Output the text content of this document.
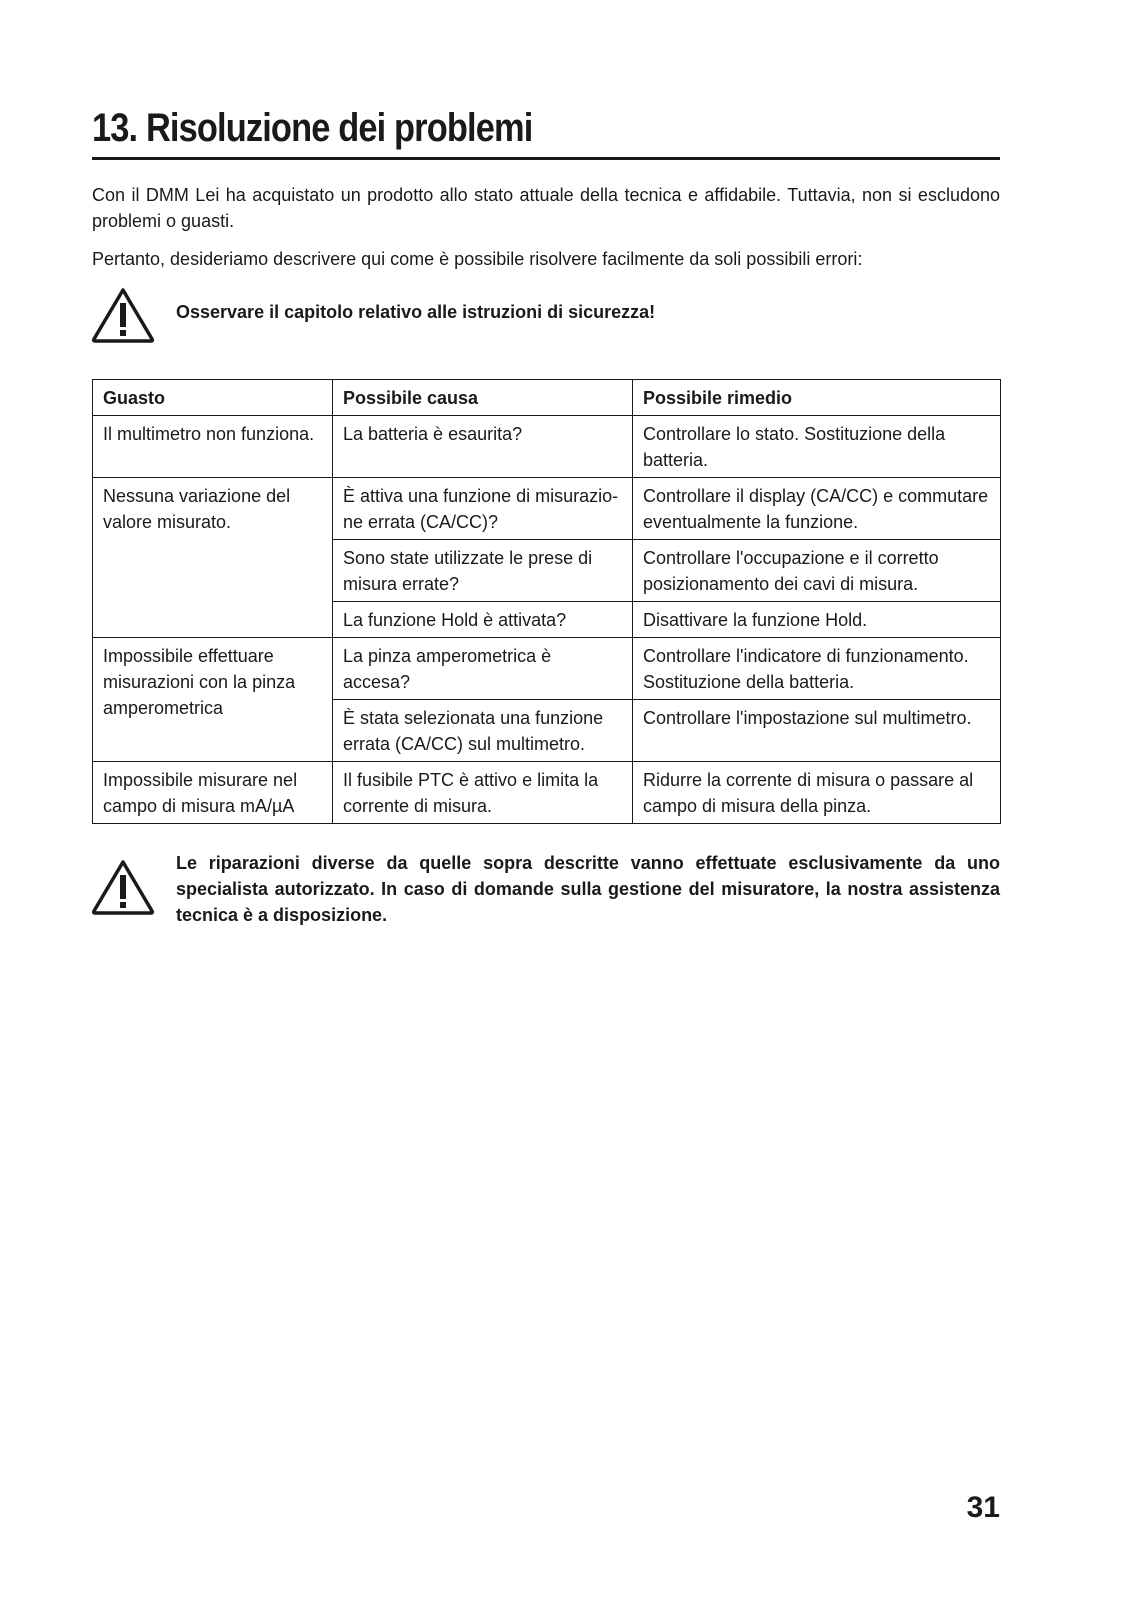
13. Risoluzione dei problemi

Con il DMM Lei ha acquistato un prodotto allo stato attuale della tecnica e affidabile. Tuttavia, non si escludono problemi o guasti.

Pertanto, desideriamo descrivere qui come è possibile risolvere facilmente da soli possibili errori:

Osservare il capitolo relativo alle istruzioni di sicurezza!

Guasto	Possibile causa	Possibile rimedio
Il multimetro non funziona.	La batteria è esaurita?	Controllare lo stato. Sostituzione della batteria.
Nessuna variazione del valore misurato.	È attiva una funzione di misurazio-ne errata (CA/CC)?	Controllare il display (CA/CC) e commutare eventualmente la funzione.
	Sono state utilizzate le prese di misura errate?	Controllare l'occupazione e il corretto posizionamento dei cavi di misura.
	La funzione Hold è attivata?	Disattivare la funzione Hold.
Impossibile effettuare misurazioni con la pinza amperometrica	La pinza amperometrica è accesa?	Controllare l'indicatore di funzionamento. Sostituzione della batteria.
	È stata selezionata una funzione errata (CA/CC) sul multimetro.	Controllare l'impostazione sul multimetro.
Impossibile misurare nel campo di misura mA/µA	Il fusibile PTC è attivo e limita la corrente di misura.	Ridurre la corrente di misura o passare al campo di misura della pinza.

Le riparazioni diverse da quelle sopra descritte vanno effettuate esclusivamente da uno specialista autorizzato. In caso di domande sulla gestione del misuratore, la nostra assistenza tecnica è a disposizione.

31
